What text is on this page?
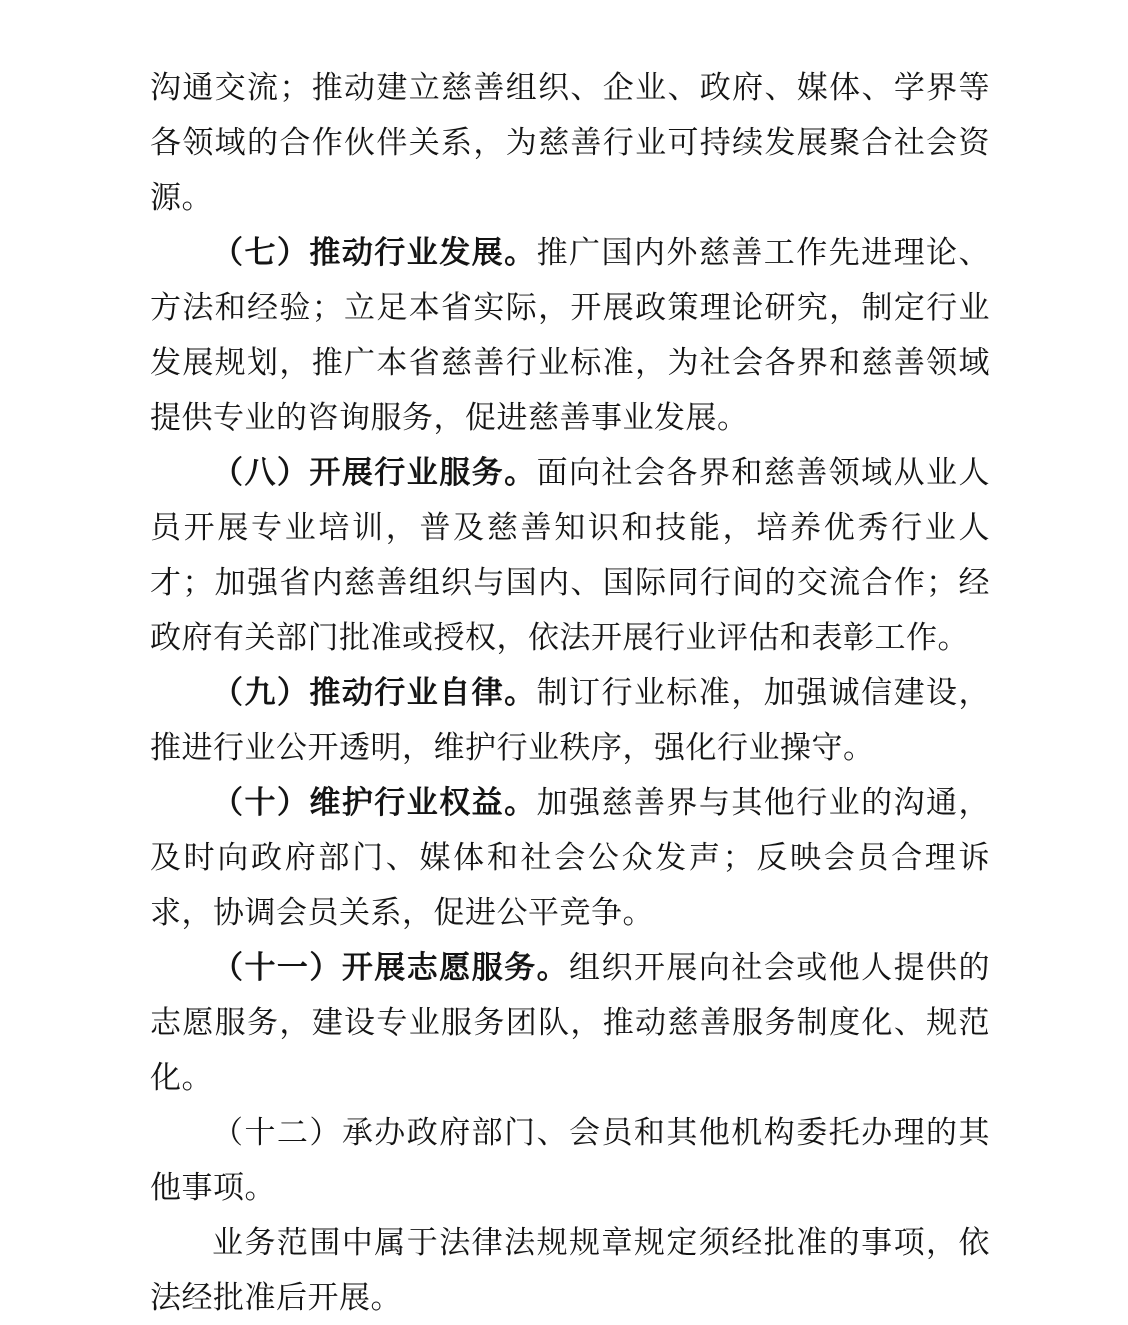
沟通交流；推动建立慈善组织、企业、政府、媒体、学界等各领域的合作伙伴关系，为慈善行业可持续发展聚合社会资源。

（七）推动行业发展。推广国内外慈善工作先进理论、方法和经验；立足本省实际，开展政策理论研究，制定行业发展规划，推广本省慈善行业标准，为社会各界和慈善领域提供专业的咨询服务，促进慈善事业发展。

（八）开展行业服务。面向社会各界和慈善领域从业人员开展专业培训，普及慈善知识和技能，培养优秀行业人才；加强省内慈善组织与国内、国际同行间的交流合作；经政府有关部门批准或授权，依法开展行业评估和表彰工作。

（九）推动行业自律。制订行业标准，加强诚信建设，推进行业公开透明，维护行业秩序，强化行业操守。

（十）维护行业权益。加强慈善界与其他行业的沟通，及时向政府部门、媒体和社会公众发声；反映会员合理诉求，协调会员关系，促进公平竞争。

（十一）开展志愿服务。组织开展向社会或他人提供的志愿服务，建设专业服务团队，推动慈善服务制度化、规范化。

（十二）承办政府部门、会员和其他机构委托办理的其他事项。

业务范围中属于法律法规规章规定须经批准的事项，依法经批准后开展。
